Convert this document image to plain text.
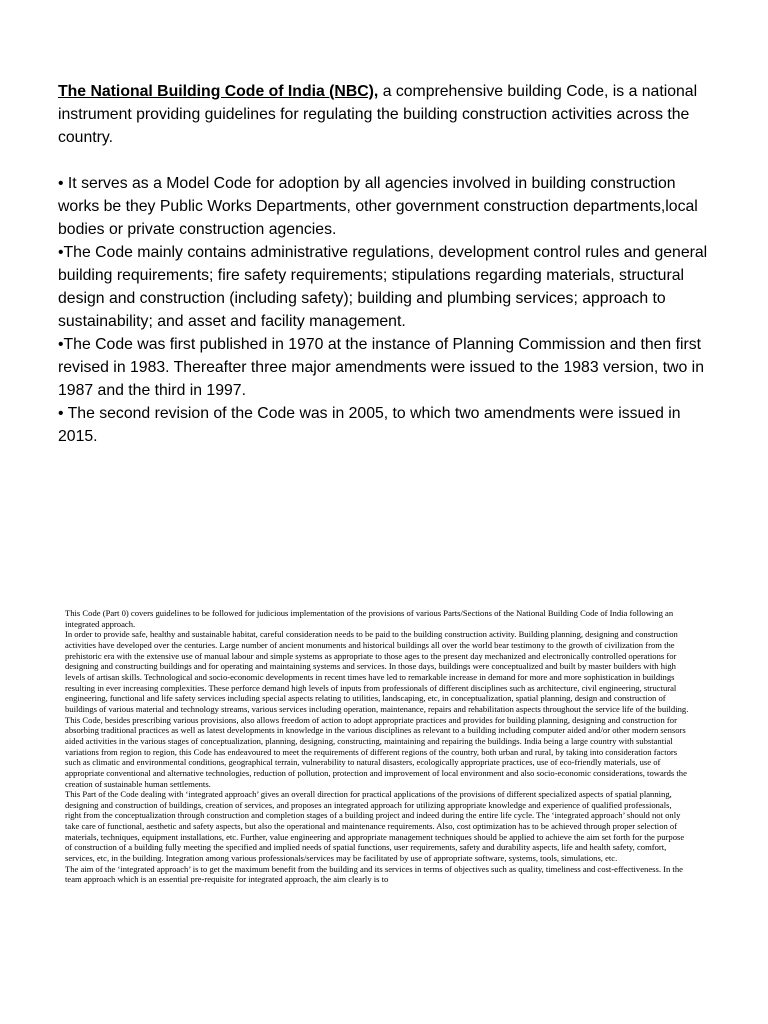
The National Building Code of India (NBC), a comprehensive building Code, is a national instrument providing guidelines for regulating the building construction activities across the country.

• It serves as a Model Code for adoption by all agencies involved in building construction works be they Public Works Departments, other government construction departments,local bodies or private construction agencies.

•The Code mainly contains administrative regulations, development control rules and general building requirements; fire safety requirements; stipulations regarding materials, structural design and construction (including safety); building and plumbing services; approach to sustainability; and asset and facility management.

•The Code was first published in 1970 at the instance of Planning Commission and then first revised in 1983. Thereafter three major amendments were issued to the 1983 version, two in 1987 and the third in 1997.

• The second revision of the Code was in 2005, to which two amendments were issued in 2015.

This Code (Part 0) covers guidelines to be followed for judicious implementation of the provisions of various Parts/Sections of the National Building Code of India following an integrated approach.

In order to provide safe, healthy and sustainable habitat, careful consideration needs to be paid to the building construction activity. Building planning, designing and construction activities have developed over the centuries. Large number of ancient monuments and historical buildings all over the world bear testimony to the growth of civilization from the prehistoric era with the extensive use of manual labour and simple systems as appropriate to those ages to the present day mechanized and electronically controlled operations for designing and constructing buildings and for operating and maintaining systems and services. In those days, buildings were conceptualized and built by master builders with high levels of artisan skills. Technological and socio-economic developments in recent times have led to remarkable increase in demand for more and more sophistication in buildings resulting in ever increasing complexities. These perforce demand high levels of inputs from professionals of different disciplines such as architecture, civil engineering, structural engineering, functional and life safety services including special aspects relating to utilities, landscaping, etc, in conceptualization, spatial planning, design and construction of buildings of various material and technology streams, various services including operation, maintenance, repairs and rehabilitation aspects throughout the service life of the building.

This Code, besides prescribing various provisions, also allows freedom of action to adopt appropriate practices and provides for building planning, designing and construction for absorbing traditional practices as well as latest developments in knowledge in the various disciplines as relevant to a building including computer aided and/or other modern sensors aided activities in the various stages of conceptualization, planning, designing, constructing, maintaining and repairing the buildings. India being a large country with substantial variations from region to region, this Code has endeavoured to meet the requirements of different regions of the country, both urban and rural, by taking into consideration factors such as climatic and environmental conditions, geographical terrain, vulnerability to natural disasters, ecologically appropriate practices, use of eco-friendly materials, use of appropriate conventional and alternative technologies, reduction of pollution, protection and improvement of local environment and also socio-economic considerations, towards the creation of sustainable human settlements.

This Part of the Code dealing with ‘integrated approach’ gives an overall direction for practical applications of the provisions of different specialized aspects of spatial planning, designing and construction of buildings, creation of services, and proposes an integrated approach for utilizing appropriate knowledge and experience of qualified professionals, right from the conceptualization through construction and completion stages of a building project and indeed during the entire life cycle. The ‘integrated approach’ should not only take care of functional, aesthetic and safety aspects, but also the operational and maintenance requirements. Also, cost optimization has to be achieved through proper selection of materials, techniques, equipment installations, etc. Further, value engineering and appropriate management techniques should be applied to achieve the aim set forth for the purpose of construction of a building fully meeting the specified and implied needs of spatial functions, user requirements, safety and durability aspects, life and health safety, comfort, services, etc, in the building. Integration among various professionals/services may be facilitated by use of appropriate software, systems, tools, simulations, etc.

The aim of the ‘integrated approach’ is to get the maximum benefit from the building and its services in terms of objectives such as quality, timeliness and cost-effectiveness. In the team approach which is an essential pre-requisite for integrated approach, the aim clearly is to
